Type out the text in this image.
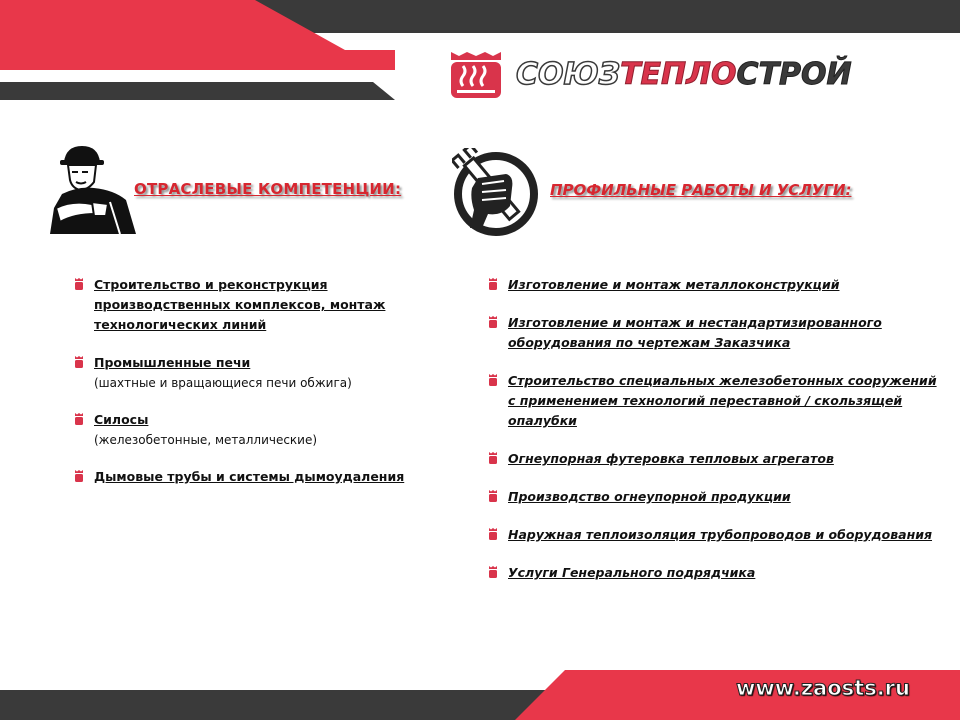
СОЮЗТЕПЛОСТРОЙ
ОТРАСЛЕВЫЕ КОМПЕТЕНЦИИ:	ПРОФИЛЬНЫЕ РАБОТЫ И УСЛУГИ:
Строительство и реконструкция производственных комплексов, монтаж технологических линий
Промышленные печи
(шахтные и вращающиеся печи обжига)
Силосы
(железобетонные, металлические)
Дымовые трубы и системы дымоудаления
Изготовление и монтаж металлоконструкций
Изготовление и монтаж и нестандартизированного оборудования по чертежам Заказчика
Строительство специальных железобетонных сооружений с применением технологий переставной / скользящей опалубки
Огнеупорная футеровка тепловых агрегатов
Производство огнеупорной продукции
Наружная теплоизоляция трубопроводов и оборудования
Услуги Генерального подрядчика
www.zaosts.ru
